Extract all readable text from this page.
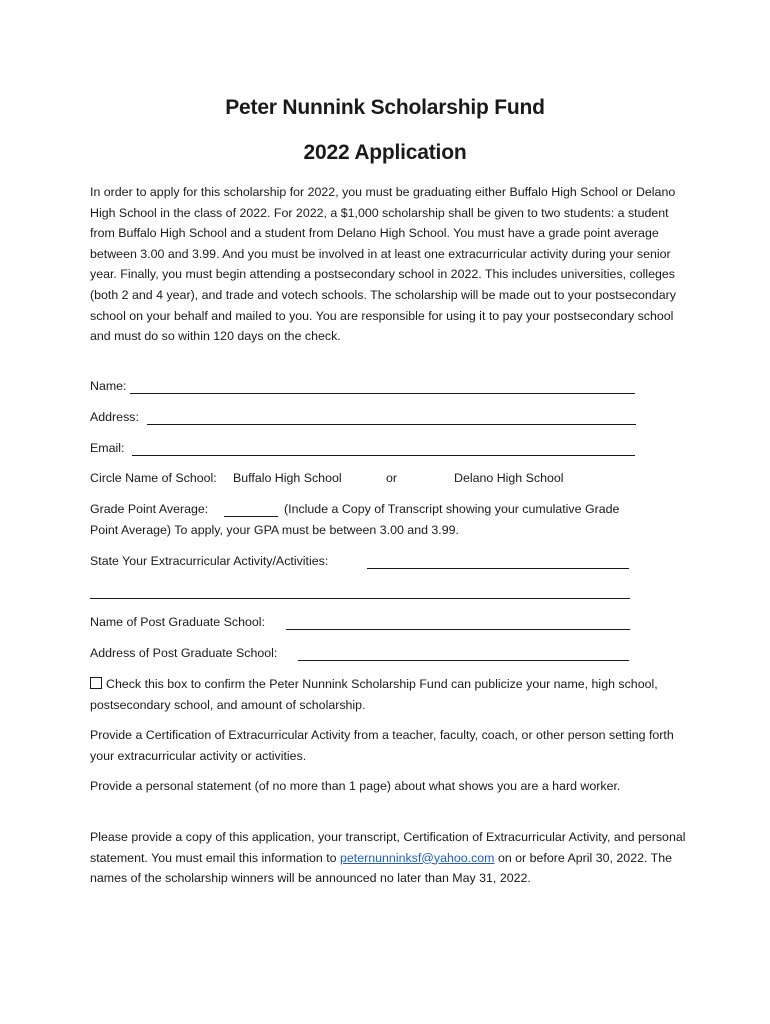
Peter Nunnink Scholarship Fund
2022 Application
In order to apply for this scholarship for 2022, you must be graduating either Buffalo High School or Delano High School in the class of 2022. For 2022, a $1,000 scholarship shall be given to two students: a student from Buffalo High School and a student from Delano High School. You must have a grade point average between 3.00 and 3.99. And you must be involved in at least one extracurricular activity during your senior year. Finally, you must begin attending a postsecondary school in 2022. This includes universities, colleges (both 2 and 4 year), and trade and votech schools. The scholarship will be made out to your postsecondary school on your behalf and mailed to you. You are responsible for using it to pay your postsecondary school and must do so within 120 days on the check.
Name:
Address:
Email:
Circle Name of School: Buffalo High School	or	Delano High School
Grade Point Average:	(Include a Copy of Transcript showing your cumulative Grade
Point Average) To apply, your GPA must be between 3.00 and 3.99.
State Your Extracurricular Activity/Activities:
Name of Post Graduate School:
Address of Post Graduate School:
Check this box to confirm the Peter Nunnink Scholarship Fund can publicize your name, high school, postsecondary school, and amount of scholarship.
Provide a Certification of Extracurricular Activity from a teacher, faculty, coach, or other person setting forth your extracurricular activity or activities.
Provide a personal statement (of no more than 1 page) about what shows you are a hard worker.
Please provide a copy of this application, your transcript, Certification of Extracurricular Activity, and personal statement. You must email this information to peternunninksf@yahoo.com on or before April 30, 2022. The names of the scholarship winners will be announced no later than May 31, 2022.
